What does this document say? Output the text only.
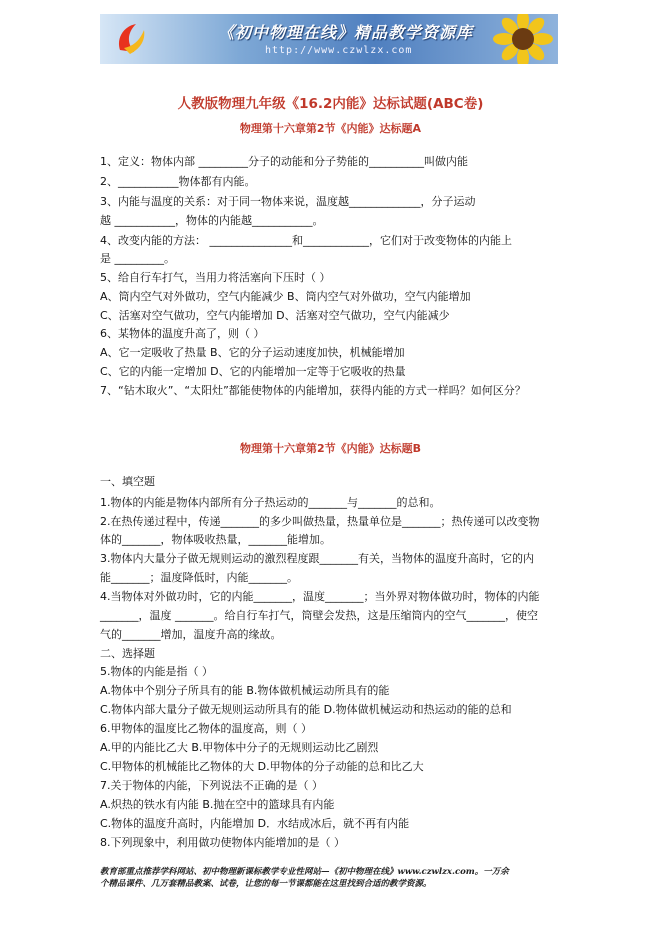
《初中物理在线》精品教学资源库
http://www.czwlzx.com
人教版物理九年级《16.2内能》达标试题(ABC卷)
物理第十六章第2节《内能》达标题A
1、定义：物体内部 _________分子的动能和分子势能的__________叫做内能
2、___________物体都有内能。
3、内能与温度的关系：对于同一物体来说，温度越_____________，分子运动
越 ___________，物体的内能越___________。
4、改变内能的方法： _______________和____________，它们对于改变物体的内能上
是 _________。
5、给自行车打气，当用力将活塞向下压时（ ）
A、筒内空气对外做功，空气内能减少 B、筒内空气对外做功，空气内能增加
C、活塞对空气做功，空气内能增加 D、活塞对空气做功，空气内能减少
6、某物体的温度升高了，则（ ）
A、它一定吸收了热量 B、它的分子运动速度加快，机械能增加
C、它的内能一定增加 D、它的内能增加一定等于它吸收的热量
7、“钻木取火”、“太阳灶”都能使物体的内能增加，获得内能的方式一样吗？如何区分？
物理第十六章第2节《内能》达标题B
一、填空题
1.物体的内能是物体内部所有分子热运动的_______与_______的总和。
2.在热传递过程中，传递_______的多少叫做热量，热量单位是_______；热传递可以改变物
体的_______，物体吸收热量，_______能增加。
3.物体内大量分子做无规则运动的激烈程度跟_______有关，当物体的温度升高时，它的内
能_______；温度降低时，内能_______。
4.当物体对外做功时，它的内能_______，温度_______；当外界对物体做功时，物体的内能
_______，温度 _______。给自行车打气，筒壁会发热，这是压缩筒内的空气_______，使空
气的_______增加，温度升高的缘故。
二、选择题
5.物体的内能是指（ ）
A.物体中个别分子所具有的能 B.物体做机械运动所具有的能
C.物体内部大量分子做无规则运动所具有的能 D.物体做机械运动和热运动的能的总和
6.甲物体的温度比乙物体的温度高，则（ ）
A.甲的内能比乙大 B.甲物体中分子的无规则运动比乙剧烈
C.甲物体的机械能比乙物体的大 D.甲物体的分子动能的总和比乙大
7.关于物体的内能，下列说法不正确的是（ ）
A.炽热的铁水有内能 B.抛在空中的篮球具有内能
C.物体的温度升高时，内能增加 D．水结成冰后，就不再有内能
8.下列现象中，利用做功使物体内能增加的是（ ）
教育部重点推荐学科网站、初中物理新课标教学专业性网站—《初中物理在线》www.czwlzx.com。一万余
个精品课件、几万套精品教案、试卷，让您的每一节课都能在这里找到合适的教学资源。
